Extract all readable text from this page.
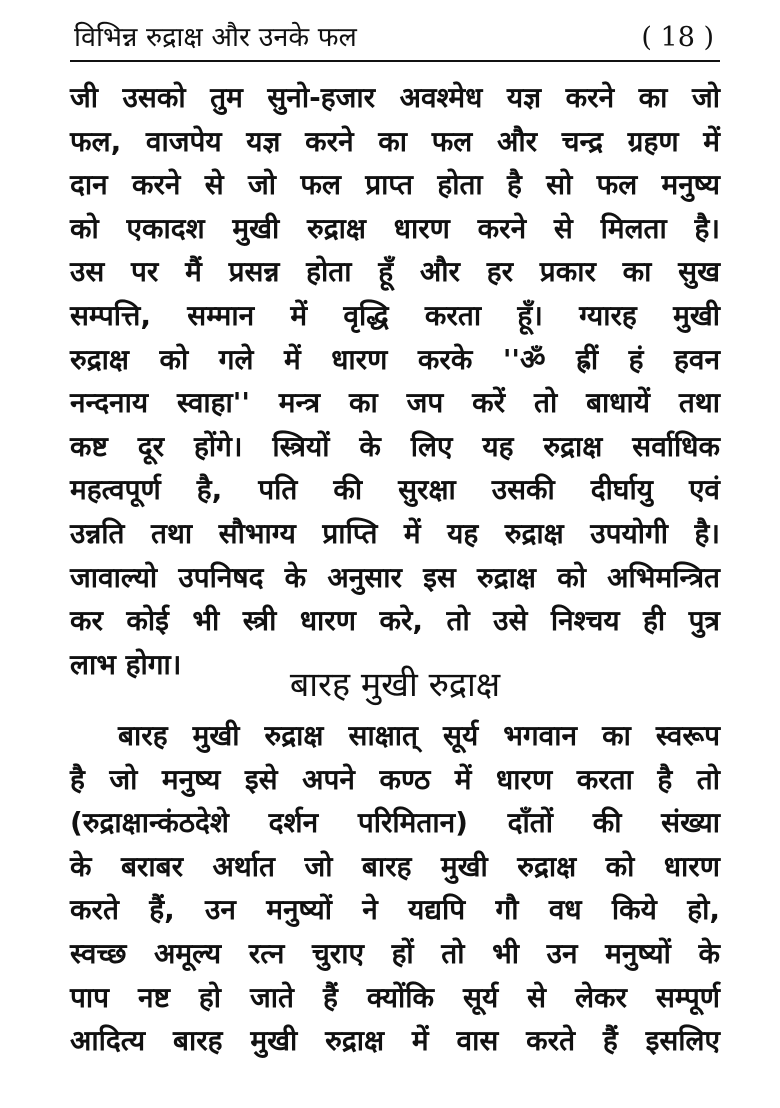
विभिन्न रुद्राक्ष और उनके फल	( 18 )
जी उसको तुम सुनो-हजार अवश्मेध यज्ञ करने का जो
फल, वाजपेय यज्ञ करने का फल और चन्द्र ग्रहण में
दान करने से जो फल प्राप्त होता है सो फल मनुष्य
को एकादश मुखी रुद्राक्ष धारण करने से मिलता है।
उस पर मैं प्रसन्न होता हूँ और हर प्रकार का सुख
सम्पत्ति, सम्मान में वृद्धि करता हूँ। ग्यारह मुखी
रुद्राक्ष को गले में धारण करके ''ॐ ह्रीं हं हवन
नन्दनाय स्वाहा'' मन्त्र का जप करें तो बाधायें तथा
कष्ट दूर होंगे। स्त्रियों के लिए यह रुद्राक्ष सर्वाधिक
महत्वपूर्ण है, पति की सुरक्षा उसकी दीर्घायु एवं
उन्नति तथा सौभाग्य प्राप्ति में यह रुद्राक्ष उपयोगी है।
जावाल्यो उपनिषद के अनुसार इस रुद्राक्ष को अभिमन्त्रित
कर कोई भी स्त्री धारण करे, तो उसे निश्चय ही पुत्र
लाभ होगा।
बारह मुखी रुद्राक्ष
बारह मुखी रुद्राक्ष साक्षात् सूर्य भगवान का स्वरूप
है जो मनुष्य इसे अपने कण्ठ में धारण करता है तो
(रुद्राक्षान्कंठदेशे दर्शन परिमितान) दाँतों की संख्या
के बराबर अर्थात जो बारह मुखी रुद्राक्ष को धारण
करते हैं, उन मनुष्यों ने यद्यपि गौ वध किये हो,
स्वच्छ अमूल्य रत्न चुराए हों तो भी उन मनुष्यों के
पाप नष्ट हो जाते हैं क्योंकि सूर्य से लेकर सम्पूर्ण
आदित्य बारह मुखी रुद्राक्ष में वास करते हैं इसलिए
